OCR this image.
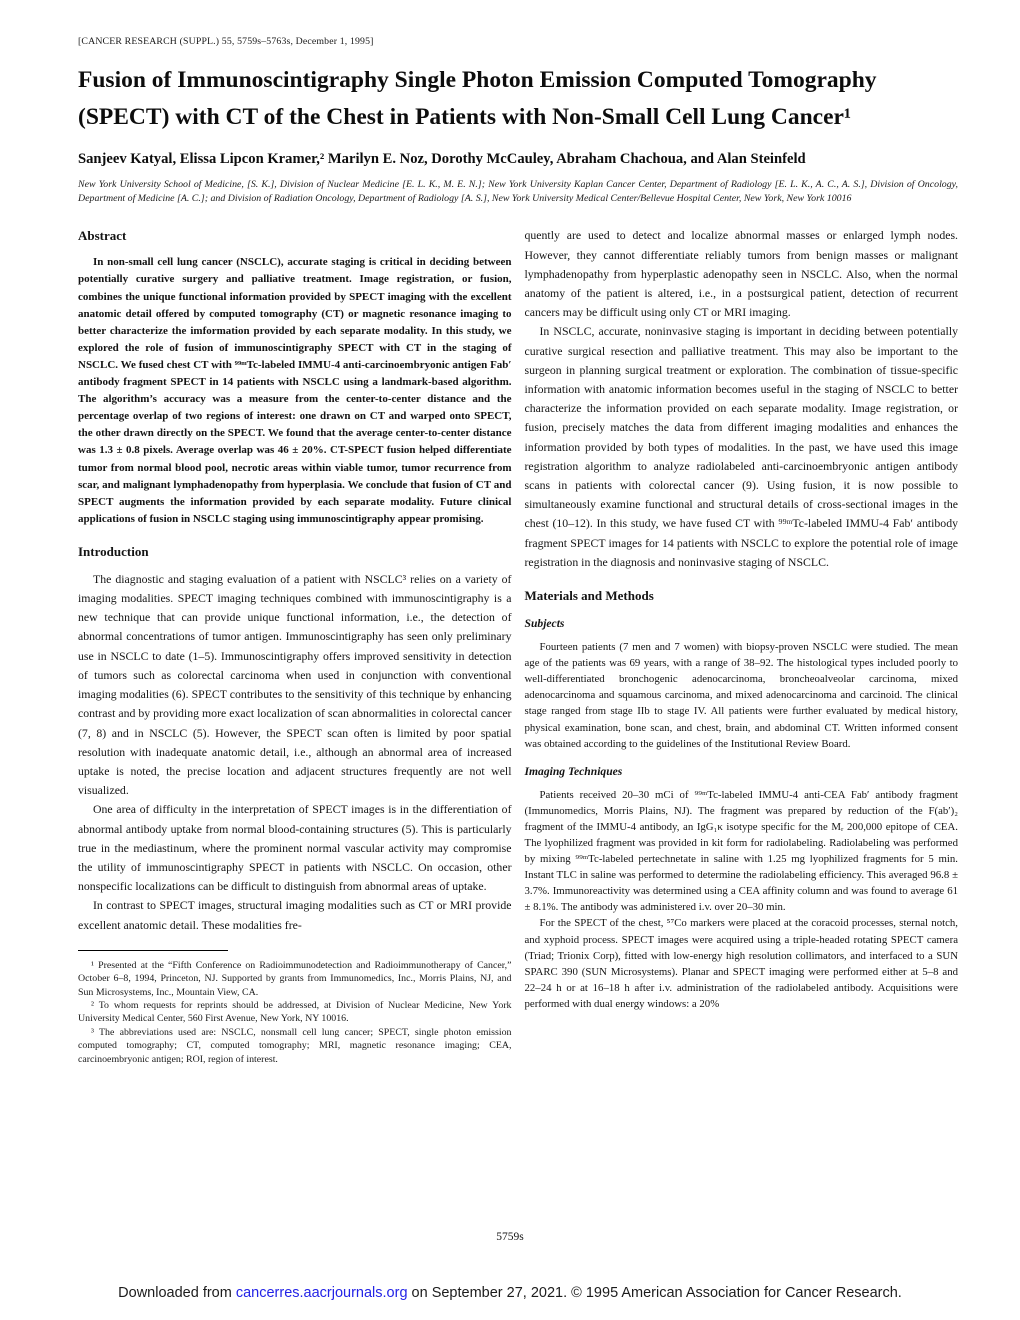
[CANCER RESEARCH (SUPPL.) 55, 5759s–5763s, December 1, 1995]
Fusion of Immunoscintigraphy Single Photon Emission Computed Tomography
(SPECT) with CT of the Chest in Patients with Non-Small Cell Lung Cancer¹
Sanjeev Katyal, Elissa Lipcon Kramer,² Marilyn E. Noz, Dorothy McCauley, Abraham Chachoua, and Alan Steinfeld
New York University School of Medicine, [S. K.], Division of Nuclear Medicine [E. L. K., M. E. N.]; New York University Kaplan Cancer Center, Department of Radiology [E. L. K., A. C., A. S.], Division of Oncology, Department of Medicine [A. C.]; and Division of Radiation Oncology, Department of Radiology [A. S.], New York University Medical Center/Bellevue Hospital Center, New York, New York 10016
Abstract

In non-small cell lung cancer (NSCLC), accurate staging is critical in deciding between potentially curative surgery and palliative treatment. Image registration, or fusion, combines the unique functional information provided by SPECT imaging with the excellent anatomic detail offered by computed tomography (CT) or magnetic resonance imaging to better characterize the imformation provided by each separate modality. In this study, we explored the role of fusion of immunoscintigraphy SPECT with CT in the staging of NSCLC. We fused chest CT with ⁹⁹ᵐTc-labeled IMMU-4 anti-carcinoembryonic antigen Fab′ antibody fragment SPECT in 14 patients with NSCLC using a landmark-based algorithm. The algorithm’s accuracy was a measure from the center-to-center distance and the percentage overlap of two regions of interest: one drawn on CT and warped onto SPECT, the other drawn directly on the SPECT. We found that the average center-to-center distance was 1.3 ± 0.8 pixels. Average overlap was 46 ± 20%. CT-SPECT fusion helped differentiate tumor from normal blood pool, necrotic areas within viable tumor, tumor recurrence from scar, and malignant lymphadenopathy from hyperplasia. We conclude that fusion of CT and SPECT augments the information provided by each separate modality. Future clinical applications of fusion in NSCLC staging using immunoscintigraphy appear promising.

Introduction

The diagnostic and staging evaluation of a patient with NSCLC³ relies on a variety of imaging modalities. SPECT imaging techniques combined with immunoscintigraphy is a new technique that can provide unique functional information, i.e., the detection of abnormal concentrations of tumor antigen. Immunoscintigraphy has seen only preliminary use in NSCLC to date (1–5). Immunoscintigraphy offers improved sensitivity in detection of tumors such as colorectal carcinoma when used in conjunction with conventional imaging modalities (6). SPECT contributes to the sensitivity of this technique by enhancing contrast and by providing more exact localization of scan abnormalities in colorectal cancer (7, 8) and in NSCLC (5). However, the SPECT scan often is limited by poor spatial resolution with inadequate anatomic detail, i.e., although an abnormal area of increased uptake is noted, the precise location and adjacent structures frequently are not well visualized.

One area of difficulty in the interpretation of SPECT images is in the differentiation of abnormal antibody uptake from normal blood-containing structures (5). This is particularly true in the mediastinum, where the prominent normal vascular activity may compromise the utility of immunoscintigraphy SPECT in patients with NSCLC. On occasion, other nonspecific localizations can be difficult to distinguish from abnormal areas of uptake.

In contrast to SPECT images, structural imaging modalities such as CT or MRI provide excellent anatomic detail. These modalities fre-

¹ Presented at the “Fifth Conference on Radioimmunodetection and Radioimmunotherapy of Cancer,” October 6–8, 1994, Princeton, NJ. Supported by grants from Immunomedics, Inc., Morris Plains, NJ, and Sun Microsystems, Inc., Mountain View, CA.

² To whom requests for reprints should be addressed, at Division of Nuclear Medicine, New York University Medical Center, 560 First Avenue, New York, NY 10016.

³ The abbreviations used are: NSCLC, nonsmall cell lung cancer; SPECT, single photon emission computed tomography; CT, computed tomography; MRI, magnetic resonance imaging; CEA, carcinoembryonic antigen; ROI, region of interest.

quently are used to detect and localize abnormal masses or enlarged lymph nodes. However, they cannot differentiate reliably tumors from benign masses or malignant lymphadenopathy from hyperplastic adenopathy seen in NSCLC. Also, when the normal anatomy of the patient is altered, i.e., in a postsurgical patient, detection of recurrent cancers may be difficult using only CT or MRI imaging.

In NSCLC, accurate, noninvasive staging is important in deciding between potentially curative surgical resection and palliative treatment. This may also be important to the surgeon in planning surgical treatment or exploration. The combination of tissue-specific information with anatomic information becomes useful in the staging of NSCLC to better characterize the information provided on each separate modality. Image registration, or fusion, precisely matches the data from different imaging modalities and enhances the information provided by both types of modalities. In the past, we have used this image registration algorithm to analyze radiolabeled anti-carcinoembryonic antigen antibody scans in patients with colorectal cancer (9). Using fusion, it is now possible to simultaneously examine functional and structural details of cross-sectional images in the chest (10–12). In this study, we have fused CT with ⁹⁹ᵐTc-labeled IMMU-4 Fab′ antibody fragment SPECT images for 14 patients with NSCLC to explore the potential role of image registration in the diagnosis and noninvasive staging of NSCLC.

Materials and Methods
Subjects

Fourteen patients (7 men and 7 women) with biopsy-proven NSCLC were studied. The mean age of the patients was 69 years, with a range of 38–92. The histological types included poorly to well-differentiated bronchogenic adenocarcinoma, broncheoalveolar carcinoma, mixed adenocarcinoma and squamous carcinoma, and mixed adenocarcinoma and carcinoid. The clinical stage ranged from stage IIb to stage IV. All patients were further evaluated by medical history, physical examination, bone scan, and chest, brain, and abdominal CT. Written informed consent was obtained according to the guidelines of the Institutional Review Board.

Imaging Techniques

Patients received 20–30 mCi of ⁹⁹ᵐTc-labeled IMMU-4 anti-CEA Fab′ antibody fragment (Immunomedics, Morris Plains, NJ). The fragment was prepared by reduction of the F(ab′)₂ fragment of the IMMU-4 antibody, an IgG₁κ isotype specific for the Mᵣ 200,000 epitope of CEA. The lyophilized fragment was provided in kit form for radiolabeling. Radiolabeling was performed by mixing ⁹⁹ᵐTc-labeled pertechnetate in saline with 1.25 mg lyophilized fragments for 5 min. Instant TLC in saline was performed to determine the radiolabeling efficiency. This averaged 96.8 ± 3.7%. Immunoreactivity was determined using a CEA affinity column and was found to average 61 ± 8.1%. The antibody was administered i.v. over 20–30 min.

For the SPECT of the chest, ⁵⁷Co markers were placed at the coracoid processes, sternal notch, and xyphoid process. SPECT images were acquired using a triple-headed rotating SPECT camera (Triad; Trionix Corp), fitted with low-energy high resolution collimators, and interfaced to a SUN SPARC 390 (SUN Microsystems). Planar and SPECT imaging were performed either at 5–8 and 22–24 h or at 16–18 h after i.v. administration of the radiolabeled antibody. Acquisitions were performed with dual energy windows: a 20%

5759s
Downloaded from cancerres.aacrjournals.org on September 27, 2021. © 1995 American Association for Cancer Research.
